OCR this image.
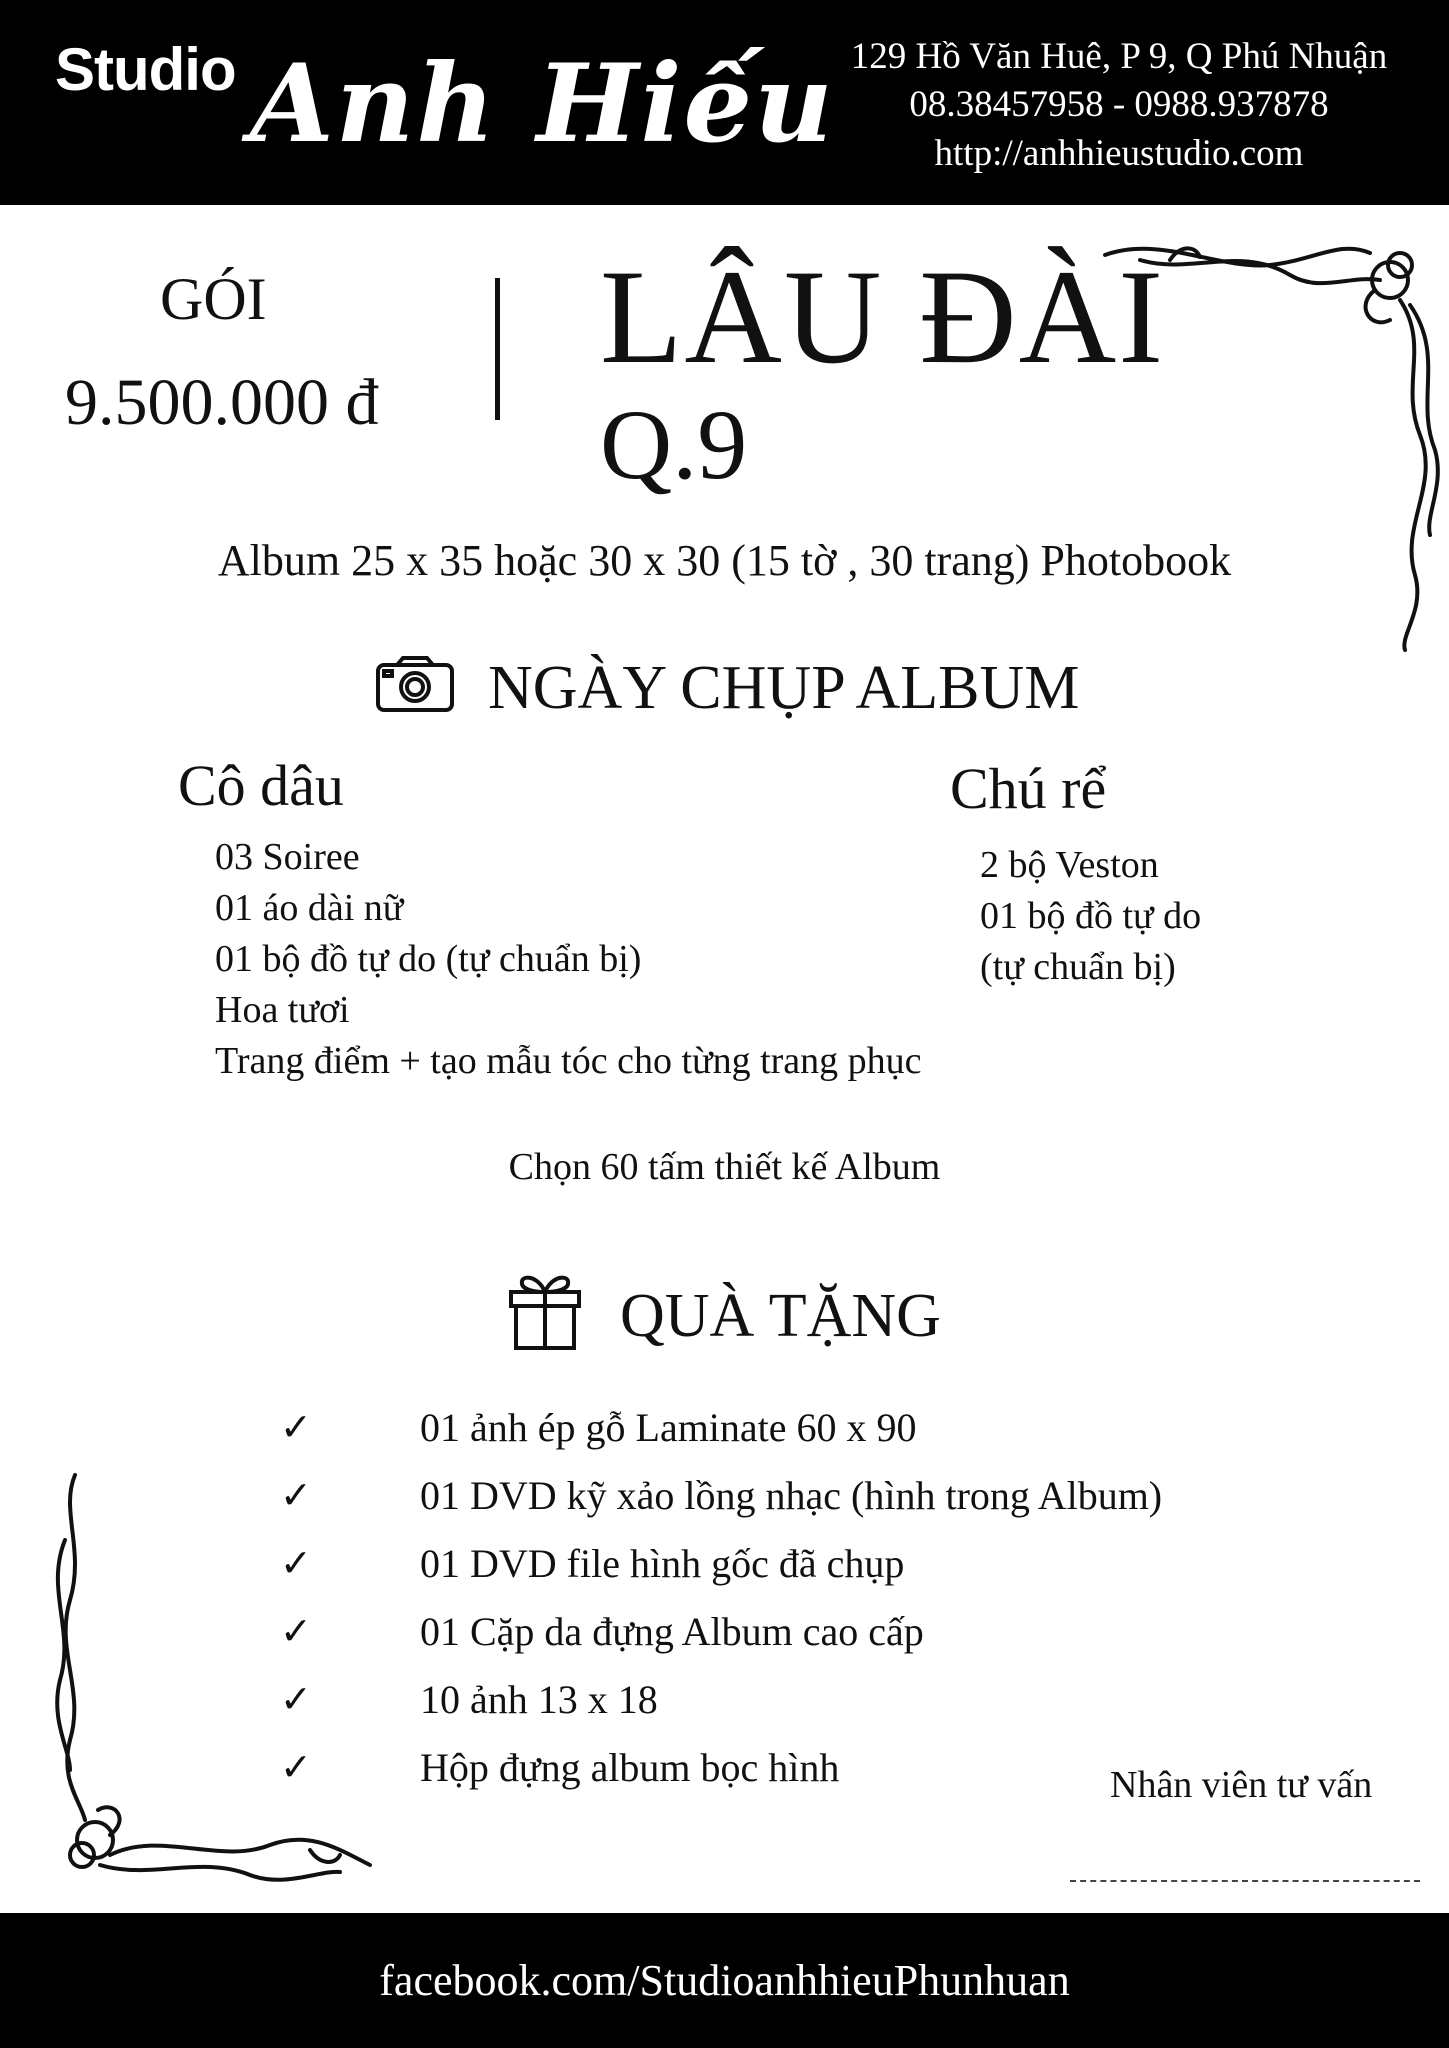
Studio Anh Hiếu 129 Hồ Văn Huê, P 9, Q Phú Nhuận
08.38457958 - 0988.937878
http://anhhieustudio.com
GÓI
9.500.000 đ
LÂU ĐÀI
Q.9
Album 25 x 35 hoặc 30 x 30 (15 tờ , 30 trang) Photobook
NGÀY CHỤP ALBUM
Cô dâu
03 Soiree
01 áo dài nữ
01 bộ đồ tự do (tự chuẩn bị)
Hoa tươi
Trang điểm + tạo mẫu tóc cho từng trang phục
Chú rể
2 bộ Veston
01 bộ đồ tự do
(tự chuẩn bị)
Chọn 60 tấm thiết kế Album
QUÀ TẶNG
✓	01 ảnh ép gỗ Laminate 60 x 90
✓	01 DVD kỹ xảo lồng nhạc (hình trong Album)
✓	01 DVD file hình gốc đã chụp
✓	01 Cặp da đựng Album cao cấp
✓	10 ảnh 13 x 18
✓	Hộp đựng album bọc hình	Nhân viên tư vấn
facebook.com/StudioanhhieuPhunhuan
